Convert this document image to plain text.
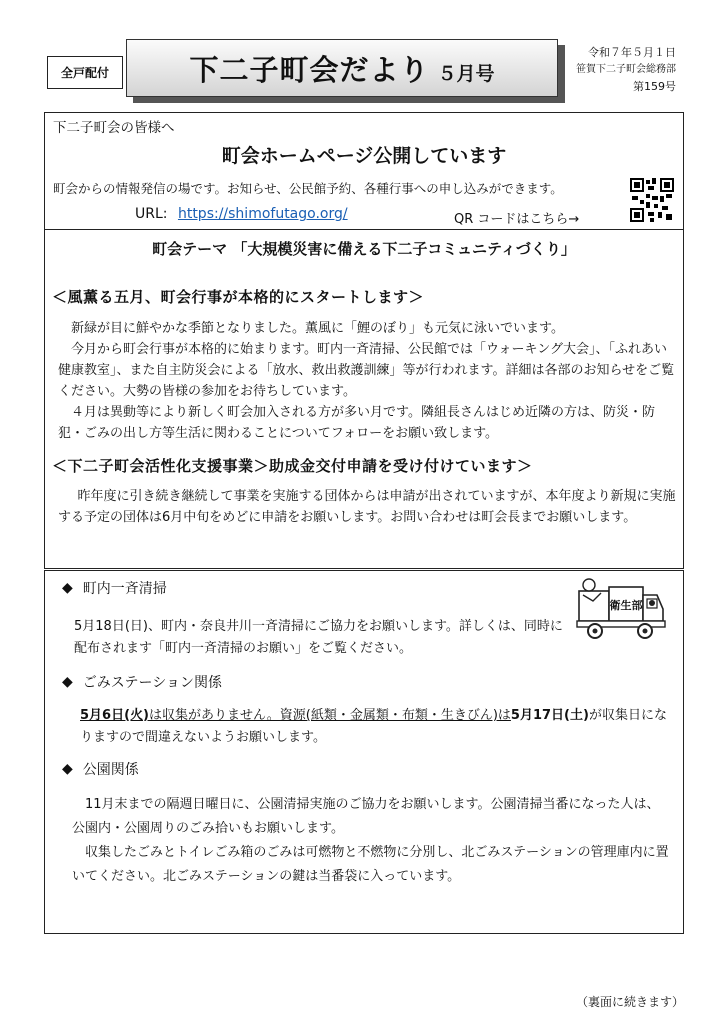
全戸配付	下二子町会だより ５月号
令和７年５月１日
笹賀下二子町会総務部
第159号
下二子町会の皆様へ
町会ホームページ公開しています
町会からの情報発信の場です。お知らせ、公民館予約、各種行事への申し込みができます。
URL: https://shimofutago.org/	QR コードはこちら→
町会テーマ 「大規模災害に備える下二子コミュニティづくり」
＜風薫る五月、町会行事が本格的にスタートします＞
新緑が目に鮮やかな季節となりました。薫風に「鯉のぼり」も元気に泳いでいます。
今月から町会行事が本格的に始まります。町内一斉清掃、公民館では「ウォーキング大会」、「ふれあい健康教室」、また自主防災会による「放水、救出救護訓練」等が行われます。詳細は各部のお知らせをご覧ください。大勢の皆様の参加をお待ちしています。
４月は異動等により新しく町会加入される方が多い月です。隣組長さんはじめ近隣の方は、防災・防犯・ごみの出し方等生活に関わることについてフォローをお願い致します。
＜下二子町会活性化支援事業＞助成金交付申請を受け付けています＞
昨年度に引き続き継続して事業を実施する団体からは申請が出されていますが、本年度より新規に実施する予定の団体は6月中旬をめどに申請をお願いします。お問い合わせは町会長までお願いします。
衛生部
◆ 町内一斉清掃
5月18日(日)、町内・奈良井川一斉清掃にご協力をお願いします。詳しくは、同時に配布されます「町内一斉清掃のお願い」をご覧ください。
◆ ごみステーション関係
5月6日(火)は収集がありません。資源(紙類・金属類・布類・生きびん)は5月17日(土)が収集日になりますので間違えないようお願いします。
◆ 公園関係
11月末までの隔週日曜日に、公園清掃実施のご協力をお願いします。公園清掃当番になった人は、公園内・公園周りのごみ拾いもお願いします。
収集したごみとトイレごみ箱のごみは可燃物と不燃物に分別し、北ごみステーションの管理庫内に置いてください。北ごみステーションの鍵は当番袋に入っています。
（裏面に続きます）
